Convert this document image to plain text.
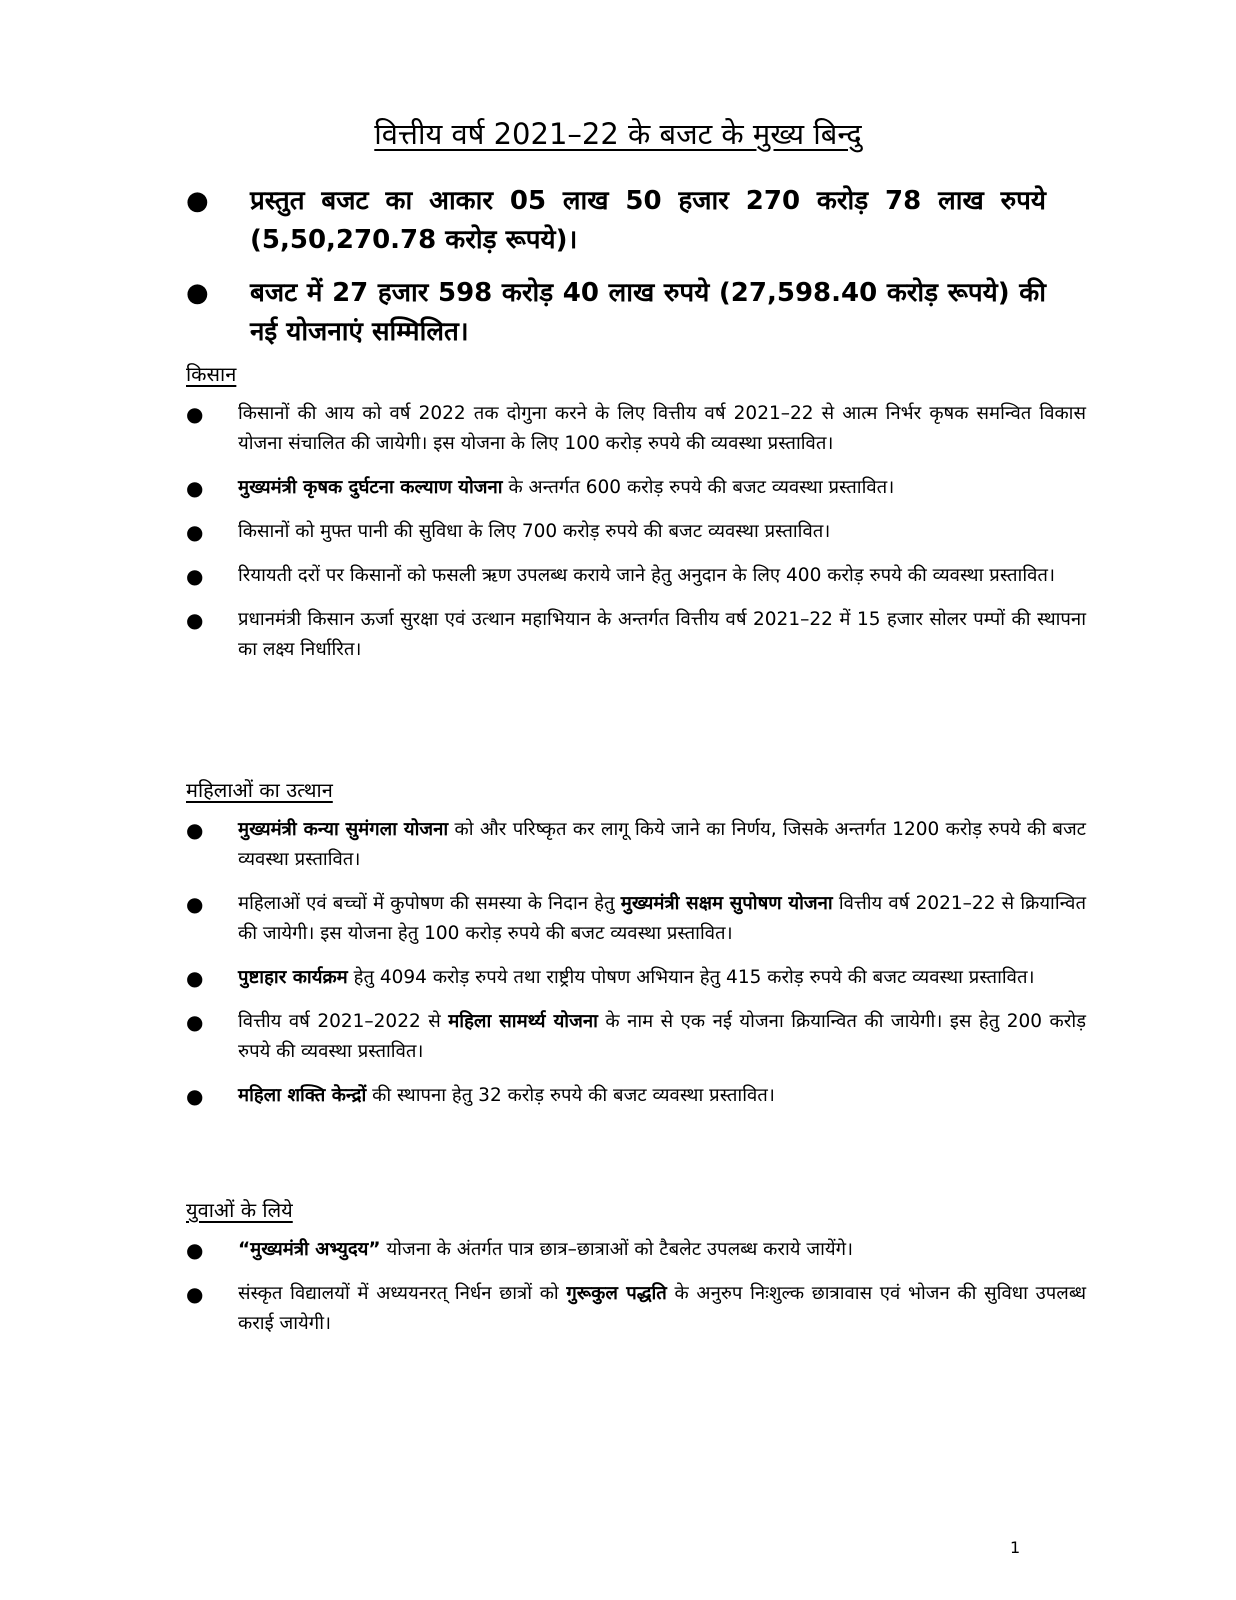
वित्तीय वर्ष 2021–22 के बजट के मुख्य बिन्दु
● प्रस्तुत बजट का आकार 05 लाख 50 हजार 270 करोड़ 78 लाख रुपये (5,50,270.78 करोड़ रूपये)।
● बजट में 27 हजार 598 करोड़ 40 लाख रुपये (27,598.40 करोड़ रूपये) की नई योजनाएं सम्मिलित।
किसान
● किसानों की आय को वर्ष 2022 तक दोगुना करने के लिए वित्तीय वर्ष 2021–22 से आत्म निर्भर कृषक समन्वित विकास योजना संचालित की जायेगी। इस योजना के लिए 100 करोड़ रुपये की व्यवस्था प्रस्तावित।
● मुख्यमंत्री कृषक दुर्घटना कल्याण योजना के अन्तर्गत 600 करोड़ रुपये की बजट व्यवस्था प्रस्तावित।
● किसानों को मुफ्त पानी की सुविधा के लिए 700 करोड़ रुपये की बजट व्यवस्था प्रस्तावित।
● रियायती दरों पर किसानों को फसली ऋण उपलब्ध कराये जाने हेतु अनुदान के लिए 400 करोड़ रुपये की व्यवस्था प्रस्तावित।
● प्रधानमंत्री किसान ऊर्जा सुरक्षा एवं उत्थान महाभियान के अन्तर्गत वित्तीय वर्ष 2021–22 में 15 हजार सोलर पम्पों की स्थापना का लक्ष्य निर्धारित।
महिलाओं का उत्थान
● मुख्यमंत्री कन्या सुमंगला योजना को और परिष्कृत कर लागू किये जाने का निर्णय, जिसके अन्तर्गत 1200 करोड़ रुपये की बजट व्यवस्था प्रस्तावित।
● महिलाओं एवं बच्चों में कुपोषण की समस्या के निदान हेतु मुख्यमंत्री सक्षम सुपोषण योजना वित्तीय वर्ष 2021–22 से क्रियान्वित की जायेगी। इस योजना हेतु 100 करोड़ रुपये की बजट व्यवस्था प्रस्तावित।
● पुष्टाहार कार्यक्रम हेतु 4094 करोड़ रुपये तथा राष्ट्रीय पोषण अभियान हेतु 415 करोड़ रुपये की बजट व्यवस्था प्रस्तावित।
● वित्तीय वर्ष 2021–2022 से महिला सामर्थ्य योजना के नाम से एक नई योजना क्रियान्वित की जायेगी। इस हेतु 200 करोड़ रुपये की व्यवस्था प्रस्तावित।
● महिला शक्ति केन्द्रों की स्थापना हेतु 32 करोड़ रुपये की बजट व्यवस्था प्रस्तावित।
युवाओं के लिये
● “मुख्यमंत्री अभ्युदय” योजना के अंतर्गत पात्र छात्र–छात्राओं को टैबलेट उपलब्ध कराये जायेंगे।
● संस्कृत विद्यालयों में अध्ययनरत् निर्धन छात्रों को गुरूकुल पद्धति के अनुरुप निःशुल्क छात्रावास एवं भोजन की सुविधा उपलब्ध कराई जायेगी।
1
